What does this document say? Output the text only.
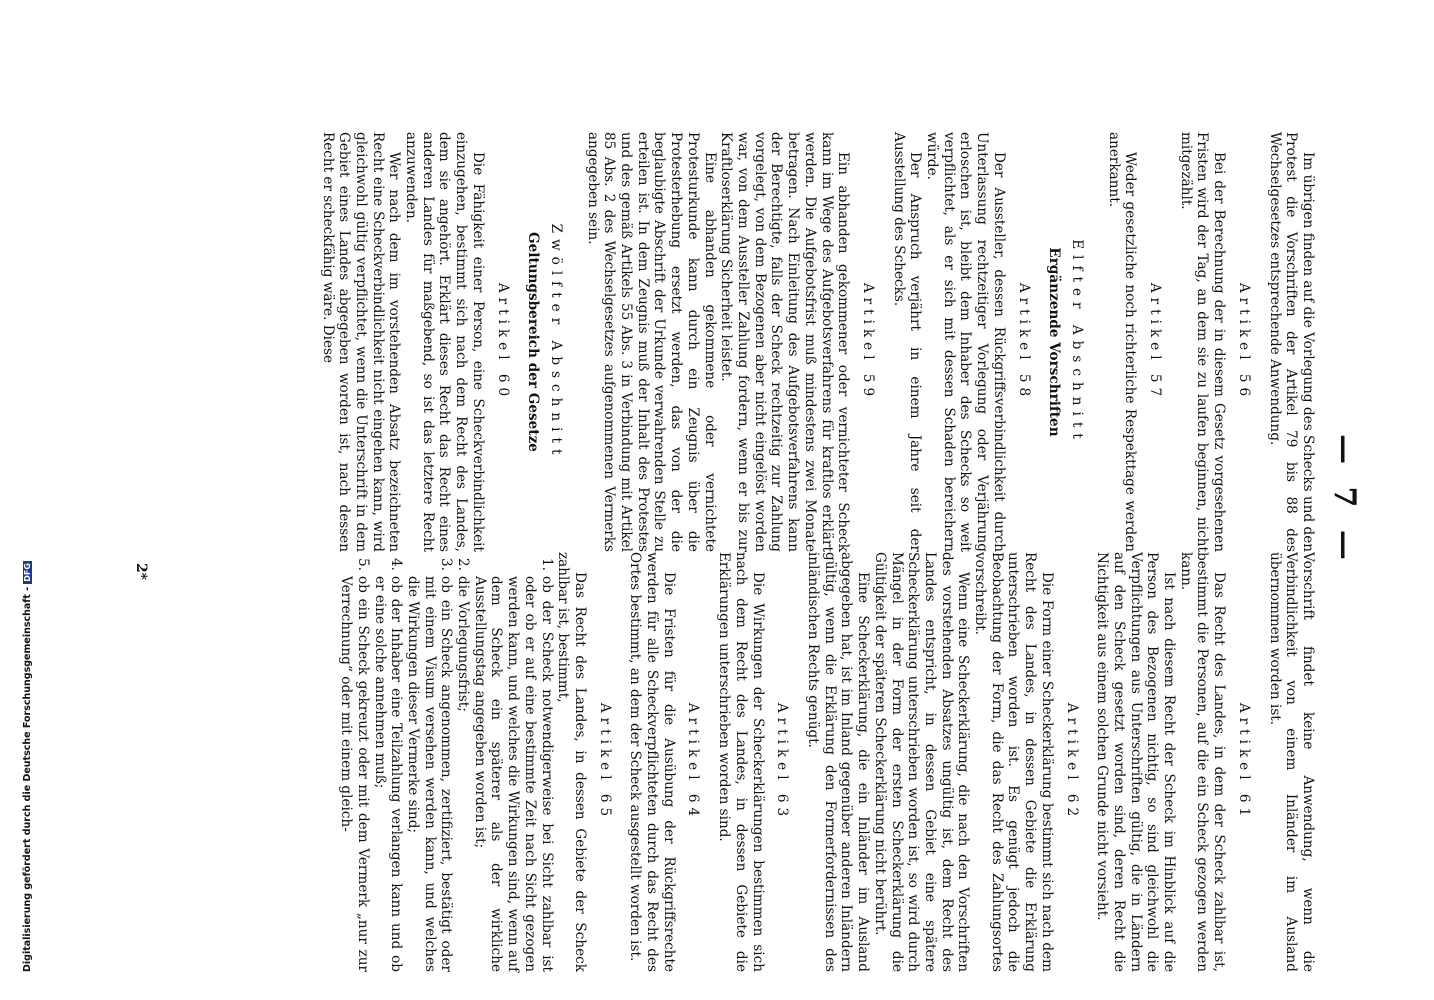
— 7 —

Im übrigen finden auf die Vorlegung des Schecks und den Protest die Vorschriften der Artikel 79 bis 88 des Wechselgesetzes entsprechende Anwendung.

Artikel 56

Bei der Berechnung der in diesem Gesetz vorgesehenen Fristen wird der Tag, an dem sie zu laufen beginnen, nicht mitgezählt.

Artikel 57

Weder gesetzliche noch richterliche Respekttage werden anerkannt.

Elfter Abschnitt
Ergänzende Vorschriften
Artikel 58

Der Aussteller, dessen Rückgriffsverbindlichkeit durch Unterlassung rechtzeitiger Vorlegung oder Verjährung erloschen ist, bleibt dem Inhaber des Schecks so weit verpflichtet, als er sich mit dessen Schaden bereichern würde.

Der Anspruch verjährt in einem Jahre seit der Ausstellung des Schecks.

Artikel 59

Ein abhanden gekommener oder vernichteter Scheck kann im Wege des Aufgebotsverfahrens für kraftlos erklärt werden. Die Aufgebotsfrist muß mindestens zwei Monate betragen. Nach Einleitung des Aufgebotsverfahrens kann der Berechtigte, falls der Scheck rechtzeitig zur Zahlung vorgelegt, von dem Bezogenen aber nicht eingelöst worden war, von dem Aussteller Zahlung fordern, wenn er bis zur Kraftloserklärung Sicherheit leistet.

Eine abhanden gekommene oder vernichtete Protesturkunde kann durch ein Zeugnis über die Protesterhebung ersetzt werden, das von der die beglaubigte Abschrift der Urkunde verwahrenden Stelle zu erteilen ist. In dem Zeugnis muß der Inhalt des Protestes und des gemäß Artikels 55 Abs. 3 in Verbindung mit Artikel 85 Abs. 2 des Wechselgesetzes aufgenommenen Vermerks angegeben sein.

Zwölfter Abschnitt
Geltungsbereich der Gesetze
Artikel 60

Die Fähigkeit einer Person, eine Scheckverbindlichkeit einzugehen, bestimmt sich nach dem Recht des Landes, dem sie angehört. Erklärt dieses Recht das Recht eines anderen Landes für maßgebend, so ist das letztere Recht anzuwenden.

Wer nach dem im vorstehenden Absatz bezeichneten Recht eine Scheckverbindlichkeit nicht eingehen kann, wird gleichwohl gültig verpflichtet, wenn die Unterschrift in dem Gebiet eines Landes abgegeben worden ist, nach dessen Recht er scheckfähig wäre. Diese

Vorschrift findet keine Anwendung, wenn die Verbindlichkeit von einem Inländer im Ausland übernommen worden ist.

Artikel 61

Das Recht des Landes, in dem der Scheck zahlbar ist, bestimmt die Personen, auf die ein Scheck gezogen werden kann.

Ist nach diesem Recht der Scheck im Hinblick auf die Person des Bezogenen nichtig, so sind gleichwohl die Verpflichtungen aus Unterschriften gültig, die in Ländern auf den Scheck gesetzt worden sind, deren Recht die Nichtigkeit aus einem solchen Grunde nicht vorsieht.

Artikel 62

Die Form einer Scheckerklärung bestimmt sich nach dem Recht des Landes, in dessen Gebiete die Erklärung unterschrieben worden ist. Es genügt jedoch die Beobachtung der Form, die das Recht des Zahlungsortes vorschreibt.

Wenn eine Scheckerklärung, die nach den Vorschriften des vorstehenden Absatzes ungültig ist, dem Recht des Landes entspricht, in dessen Gebiet eine spätere Scheckerklärung unterschrieben worden ist, so wird durch Mängel in der Form der ersten Scheckerklärung die Gültigkeit der späteren Scheckerklärung nicht berührt.

Eine Scheckerklärung, die ein Inländer im Ausland abgegeben hat, ist im Inland gegenüber anderen Inländern gültig, wenn die Erklärung den Formerfordernissen des inländischen Rechts genügt.

Artikel 63

Die Wirkungen der Scheckerklärungen bestimmen sich nach dem Recht des Landes, in dessen Gebiete die Erklärungen unterschrieben worden sind.

Artikel 64

Die Fristen für die Ausübung der Rückgriffsrechte werden für alle Scheckverpflichteten durch das Recht des Ortes bestimmt, an dem der Scheck ausgestellt worden ist.

Artikel 65

Das Recht des Landes, in dessen Gebiete der Scheck zahlbar ist, bestimmt,

1.ob der Scheck notwendigerweise bei Sicht zahlbar ist oder ob er auf eine bestimmte Zeit nach Sicht gezogen werden kann, und welches die Wirkungen sind, wenn auf dem Scheck ein späterer als der wirkliche Ausstellungstag angegeben worden ist;

2.die Vorlegungsfrist;

3.ob ein Scheck angenommen, zertifiziert, bestätigt oder mit einem Visum versehen werden kann, und welches die Wirkungen dieser Vermerke sind;

4.ob der Inhaber eine Teilzahlung verlangen kann und ob er eine solche annehmen muß;

5.ob ein Scheck gekreuzt oder mit dem Vermerk „nur zur Verrechnung“ oder mit einem gleich-

2*
Digitalisierung gefördert durch die Deutsche Forschungsgemeinschaft -DFG
